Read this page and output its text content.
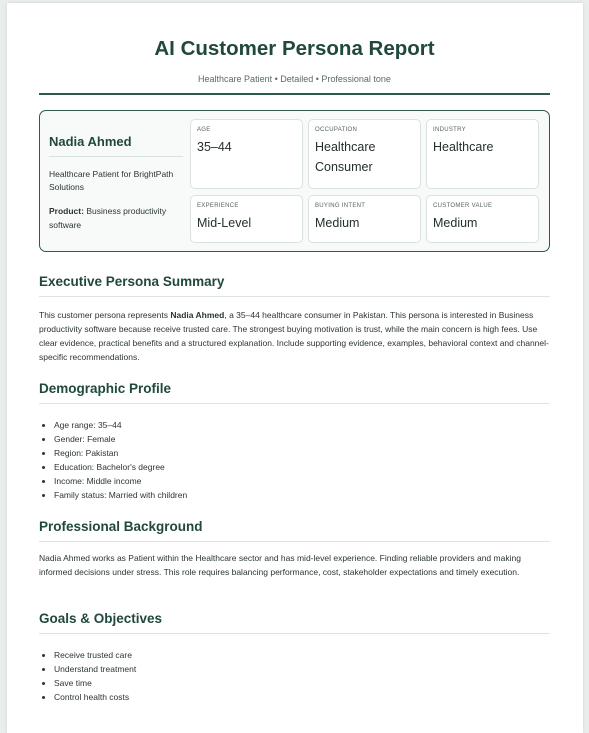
AI Customer Persona Report
Healthcare Patient • Detailed • Professional tone
Nadia Ahmed
Healthcare Patient for BrightPath Solutions
Product: Business productivity software
AGE
35–44
OCCUPATION
Healthcare Consumer
INDUSTRY
Healthcare
EXPERIENCE
Mid-Level
BUYING INTENT
Medium
CUSTOMER VALUE
Medium
Executive Persona Summary
This customer persona represents Nadia Ahmed, a 35–44 healthcare consumer in Pakistan. This persona is interested in Business productivity software because receive trusted care. The strongest buying motivation is trust, while the main concern is high fees. Use clear evidence, practical benefits and a structured explanation. Include supporting evidence, examples, behavioral context and channel-specific recommendations.
Demographic Profile
• Age range: 35–44
• Gender: Female
• Region: Pakistan
• Education: Bachelor's degree
• Income: Middle income
• Family status: Married with children
Professional Background
Nadia Ahmed works as Patient within the Healthcare sector and has mid-level experience. Finding reliable providers and making informed decisions under stress. This role requires balancing performance, cost, stakeholder expectations and timely execution.
Goals & Objectives
• Receive trusted care
• Understand treatment
• Save time
• Control health costs
